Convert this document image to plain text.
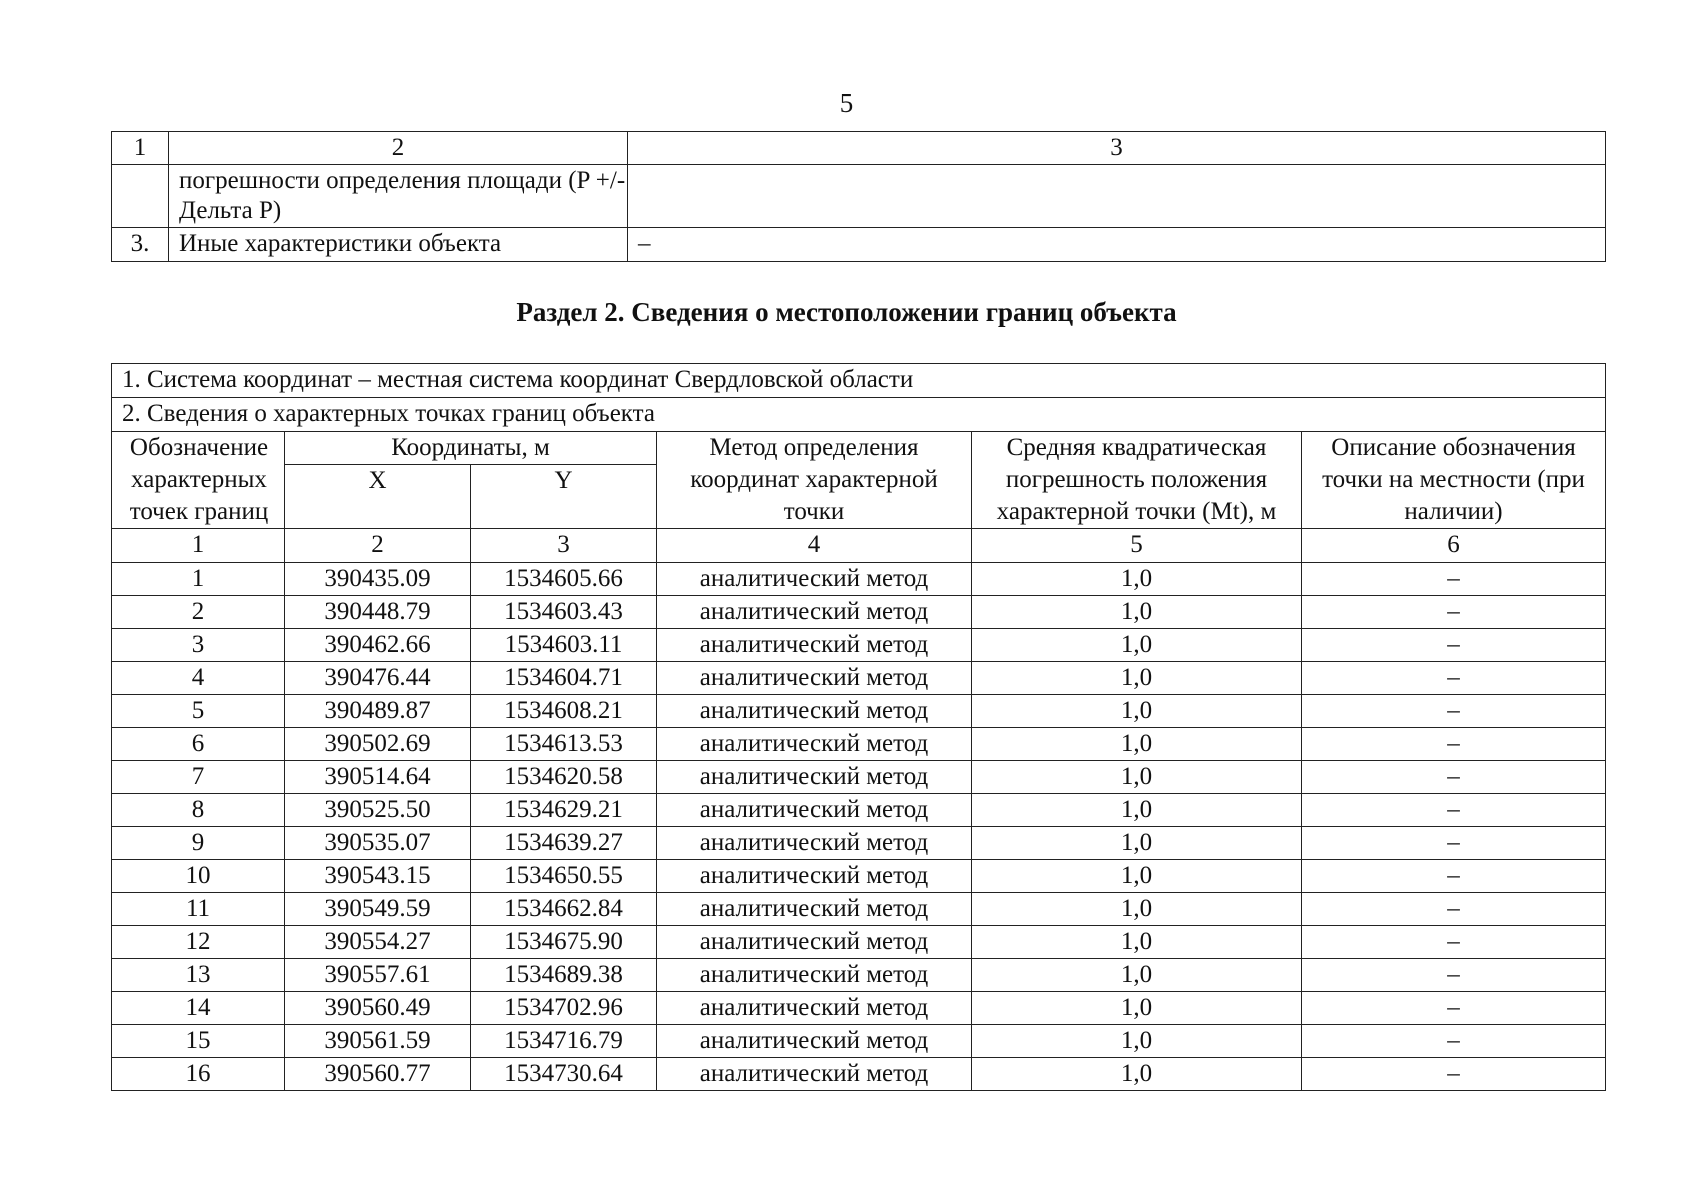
5
1	2	3
	погрешности определения площади (P +/- Дельта P)	
3.	Иные характеристики объекта	–
Раздел 2. Сведения о местоположении границ объекта
1. Система координат – местная система координат Свердловской области					
2. Сведения о характерных точках границ объекта					
Обозначение характерных точек границ	Координаты, м		Метод определения координат характерной точки	Средняя квадратическая погрешность положения характерной точки (Mt), м	Описание обозначения точки на местности (при наличии)
	X	Y			
1	2	3	4	5	6
1	390435.09	1534605.66	аналитический метод	1,0	–
2	390448.79	1534603.43	аналитический метод	1,0	–
3	390462.66	1534603.11	аналитический метод	1,0	–
4	390476.44	1534604.71	аналитический метод	1,0	–
5	390489.87	1534608.21	аналитический метод	1,0	–
6	390502.69	1534613.53	аналитический метод	1,0	–
7	390514.64	1534620.58	аналитический метод	1,0	–
8	390525.50	1534629.21	аналитический метод	1,0	–
9	390535.07	1534639.27	аналитический метод	1,0	–
10	390543.15	1534650.55	аналитический метод	1,0	–
11	390549.59	1534662.84	аналитический метод	1,0	–
12	390554.27	1534675.90	аналитический метод	1,0	–
13	390557.61	1534689.38	аналитический метод	1,0	–
14	390560.49	1534702.96	аналитический метод	1,0	–
15	390561.59	1534716.79	аналитический метод	1,0	–
16	390560.77	1534730.64	аналитический метод	1,0	–
